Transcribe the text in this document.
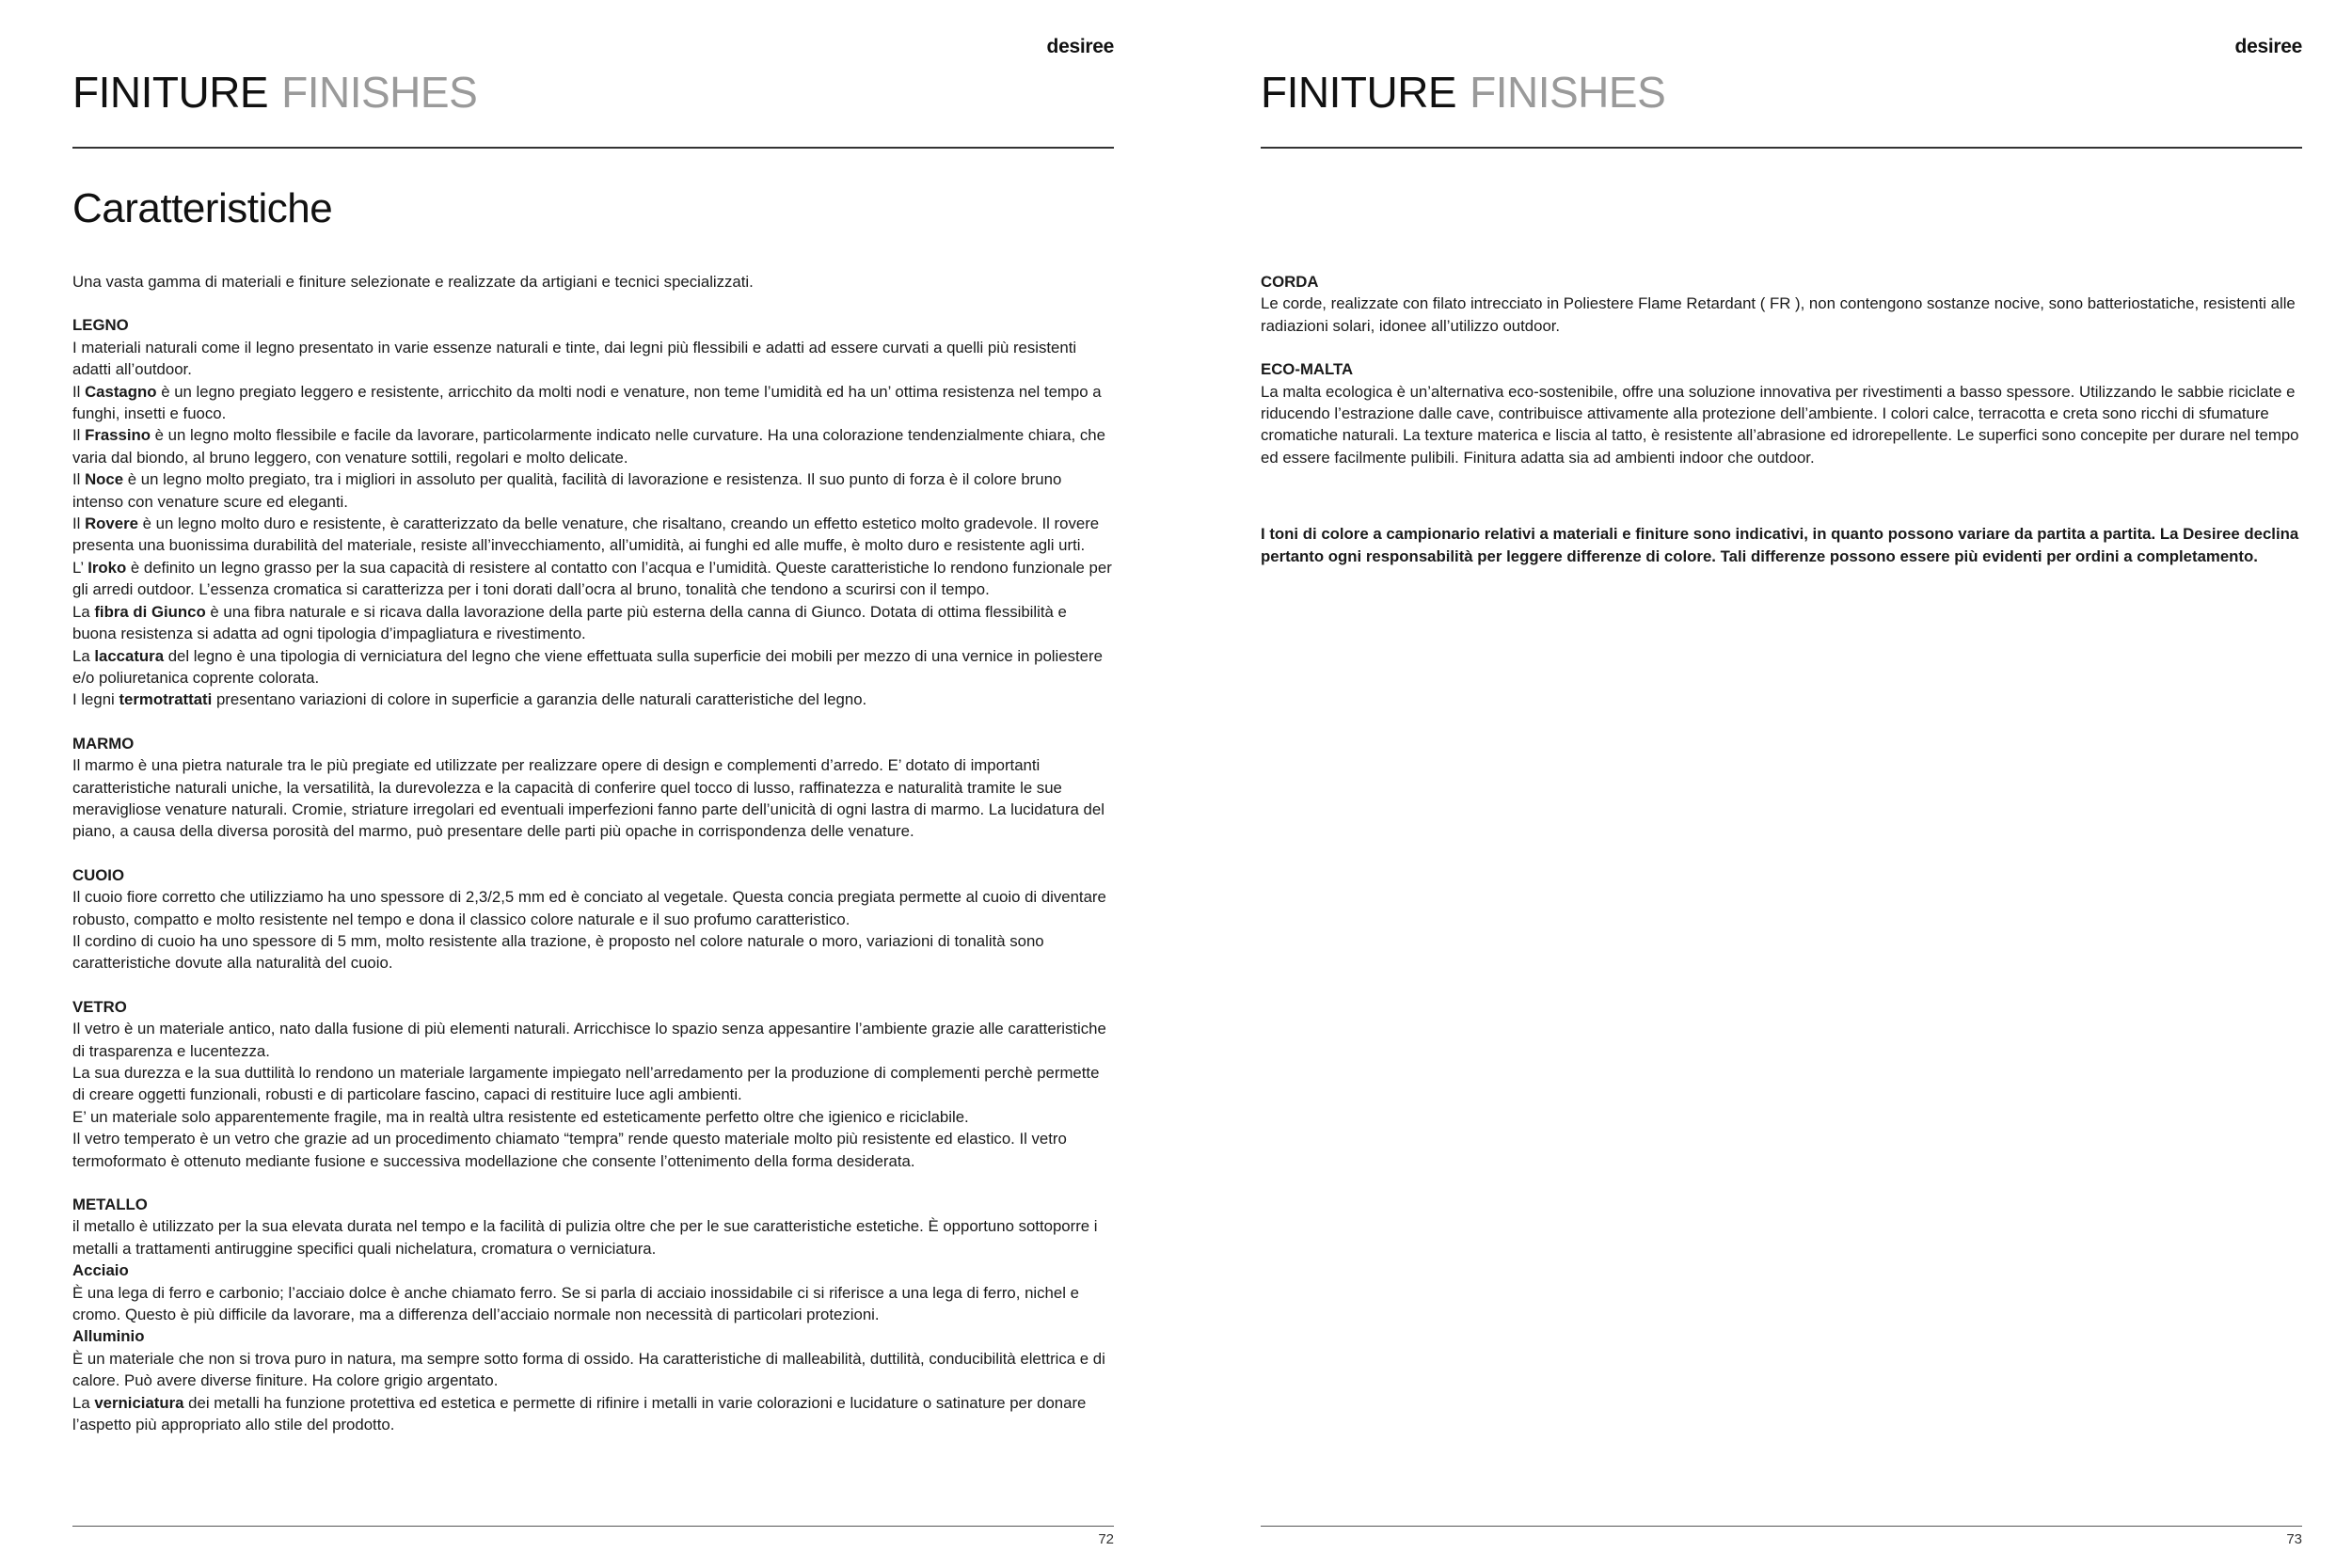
desiree
FINITURE FINISHES
Caratteristiche

Una vasta gamma di materiali e finiture selezionate e realizzate da artigiani e tecnici specializzati.

LEGNO

I materiali naturali come il legno presentato in varie essenze naturali e tinte, dai legni più flessibili e adatti ad essere curvati a quelli più resistenti adatti all’outdoor.

Il Castagno è un legno pregiato leggero e resistente, arricchito da molti nodi e venature, non teme l’umidità ed ha un’ ottima resistenza nel tempo a funghi, insetti e fuoco.

Il Frassino è un legno molto flessibile e facile da lavorare, particolarmente indicato nelle curvature. Ha una colorazione tendenzialmente chiara, che varia dal biondo, al bruno leggero, con venature sottili, regolari e molto delicate.

Il Noce è un legno molto pregiato, tra i migliori in assoluto per qualità, facilità di lavorazione e resistenza. Il suo punto di forza è il colore bruno intenso con venature scure ed eleganti.

Il Rovere è un legno molto duro e resistente, è caratterizzato da belle venature, che risaltano, creando un effetto estetico molto gradevole. Il rovere presenta una buonissima durabilità del materiale, resiste all’invecchiamento, all’umidità, ai funghi ed alle muffe, è molto duro e resistente agli urti.

L’ Iroko è definito un legno grasso per la sua capacità di resistere al contatto con l’acqua e l’umidità. Queste caratteristiche lo rendono funzionale per gli arredi outdoor. L’essenza cromatica si caratterizza per i toni dorati dall’ocra al bruno, tonalità che tendono a scurirsi con il tempo.

La fibra di Giunco è una fibra naturale e si ricava dalla lavorazione della parte più esterna della canna di Giunco. Dotata di ottima flessibilità e buona resistenza si adatta ad ogni tipologia d’impagliatura e rivestimento.

La laccatura del legno è una tipologia di verniciatura del legno che viene effettuata sulla superficie dei mobili per mezzo di una vernice in poliestere e/o poliuretanica coprente colorata.

I legni termotrattati presentano variazioni di colore in superficie a garanzia delle naturali caratteristiche del legno.

MARMO

Il marmo è una pietra naturale tra le più pregiate ed utilizzate per realizzare opere di design e complementi d’arredo. E’ dotato di importanti caratteristiche naturali uniche, la versatilità, la durevolezza e la capacità di conferire quel tocco di lusso, raffinatezza e naturalità tramite le sue meravigliose venature naturali. Cromie, striature irregolari ed eventuali imperfezioni fanno parte dell’unicità di ogni lastra di marmo. La lucidatura del piano, a causa della diversa porosità del marmo, può presentare delle parti più opache in corrispondenza delle venature.

CUOIO

Il cuoio fiore corretto che utilizziamo ha uno spessore di 2,3/2,5 mm ed è conciato al vegetale. Questa concia pregiata permette al cuoio di diventare robusto, compatto e molto resistente nel tempo e dona il classico colore naturale e il suo profumo caratteristico.

Il cordino di cuoio ha uno spessore di 5 mm, molto resistente alla trazione, è proposto nel colore naturale o moro, variazioni di tonalità sono caratteristiche dovute alla naturalità del cuoio.

VETRO

Il vetro è un materiale antico, nato dalla fusione di più elementi naturali. Arricchisce lo spazio senza appesantire l’ambiente grazie alle caratteristiche di trasparenza e lucentezza.

La sua durezza e la sua duttilità lo rendono un materiale largamente impiegato nell’arredamento per la produzione di complementi perchè permette di creare oggetti funzionali, robusti e di particolare fascino, capaci di restituire luce agli ambienti.

E’ un materiale solo apparentemente fragile, ma in realtà ultra resistente ed esteticamente perfetto oltre che igienico e riciclabile.

Il vetro temperato è un vetro che grazie ad un procedimento chiamato “tempra” rende questo materiale molto più resistente ed elastico. Il vetro termoformato è ottenuto mediante fusione e successiva modellazione che consente l’ottenimento della forma desiderata.

METALLO

il metallo è utilizzato per la sua elevata durata nel tempo e la facilità di pulizia oltre che per le sue caratteristiche estetiche. È opportuno sottoporre i metalli a trattamenti antiruggine specifici quali nichelatura, cromatura o verniciatura.

Acciaio

È una lega di ferro e carbonio; l’acciaio dolce è anche chiamato ferro. Se si parla di acciaio inossidabile ci si riferisce a una lega di ferro, nichel e cromo. Questo è più difficile da lavorare, ma a differenza dell’acciaio normale non necessità di particolari protezioni.

Alluminio

È un materiale che non si trova puro in natura, ma sempre sotto forma di ossido. Ha caratteristiche di malleabilità, duttilità, conducibilità elettrica e di calore. Può avere diverse finiture. Ha colore grigio argentato.

La verniciatura dei metalli ha funzione protettiva ed estetica e permette di rifinire i metalli in varie colorazioni e lucidature o satinature per donare l’aspetto più appropriato allo stile del prodotto.

72
desiree
FINITURE FINISHES
CORDA

Le corde, realizzate con filato intrecciato in Poliestere Flame Retardant ( FR ), non contengono sostanze nocive, sono batteriostatiche, resistenti alle radiazioni solari, idonee all’utilizzo outdoor.

ECO-MALTA

La malta ecologica è un’alternativa eco-sostenibile, offre una soluzione innovativa per rivestimenti a basso spessore. Utilizzando le sabbie riciclate e riducendo l’estrazione dalle cave, contribuisce attivamente alla protezione dell’ambiente. I colori calce, terracotta e creta sono ricchi di sfumature cromatiche naturali. La texture materica e liscia al tatto, è resistente all’abrasione ed idrorepellente. Le superfici sono concepite per durare nel tempo ed essere facilmente pulibili. Finitura adatta sia ad ambienti indoor che outdoor.

I toni di colore a campionario relativi a materiali e finiture sono indicativi, in quanto possono variare da partita a partita. La Desiree declina pertanto ogni responsabilità per leggere differenze di colore. Tali differenze possono essere più evidenti per ordini a completamento.

73
